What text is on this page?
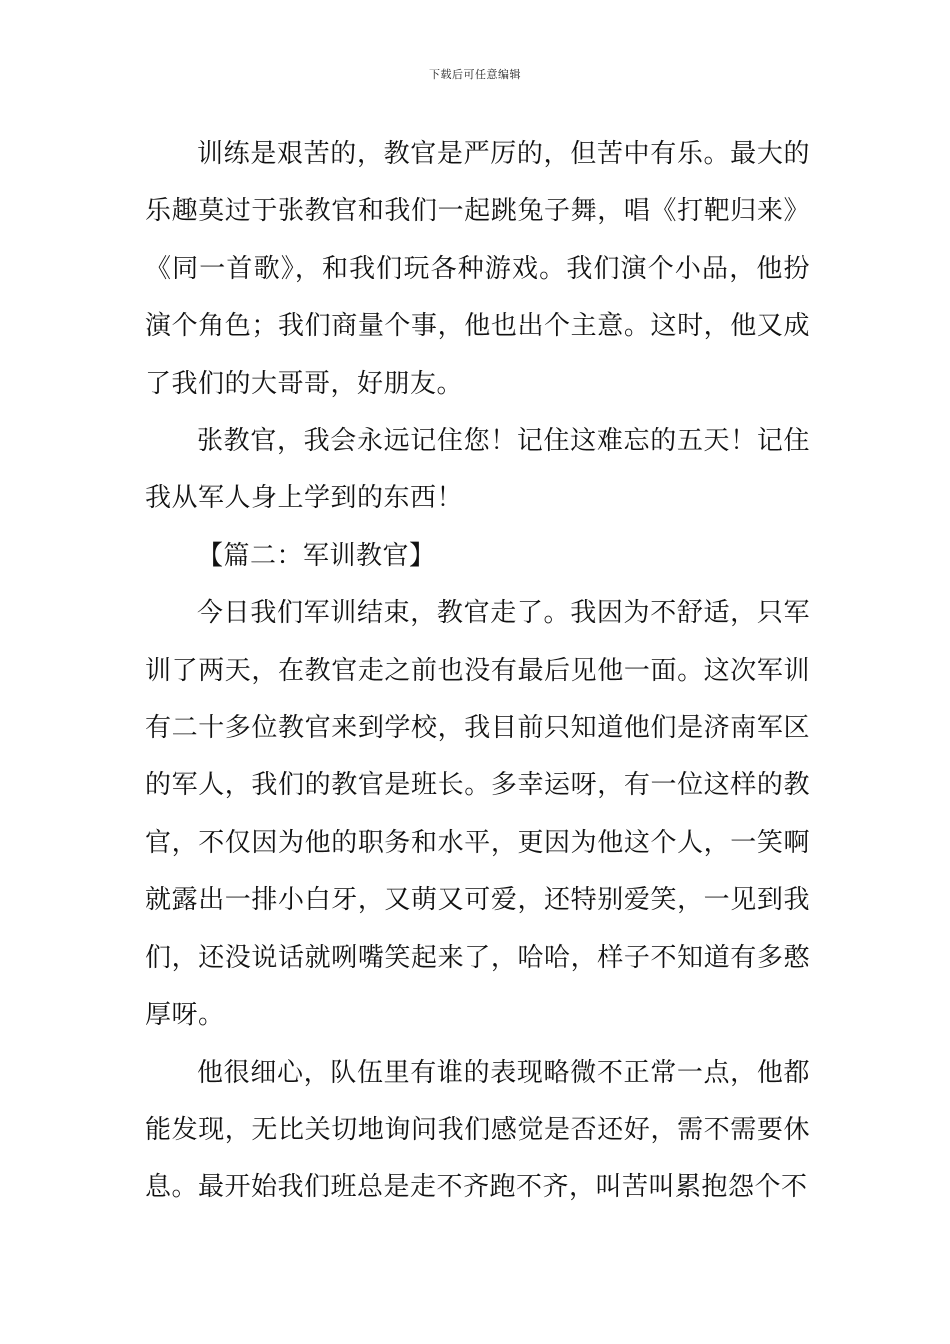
下载后可任意编辑

训练是艰苦的，教官是严厉的，但苦中有乐。最大的乐趣莫过于张教官和我们一起跳兔子舞，唱《打靶归来》《同一首歌》，和我们玩各种游戏。我们演个小品，他扮演个角色；我们商量个事，他也出个主意。这时，他又成了我们的大哥哥，好朋友。

张教官，我会永远记住您！记住这难忘的五天！记住我从军人身上学到的东西！

【篇二：军训教官】

今日我们军训结束，教官走了。我因为不舒适，只军训了两天，在教官走之前也没有最后见他一面。这次军训有二十多位教官来到学校，我目前只知道他们是济南军区的军人，我们的教官是班长。多幸运呀，有一位这样的教官，不仅因为他的职务和水平，更因为他这个人，一笑啊就露出一排小白牙，又萌又可爱，还特别爱笑，一见到我们，还没说话就咧嘴笑起来了，哈哈，样子不知道有多憨厚呀。

他很细心，队伍里有谁的表现略微不正常一点，他都能发现，无比关切地询问我们感觉是否还好，需不需要休息。最开始我们班总是走不齐跑不齐，叫苦叫累抱怨个不
